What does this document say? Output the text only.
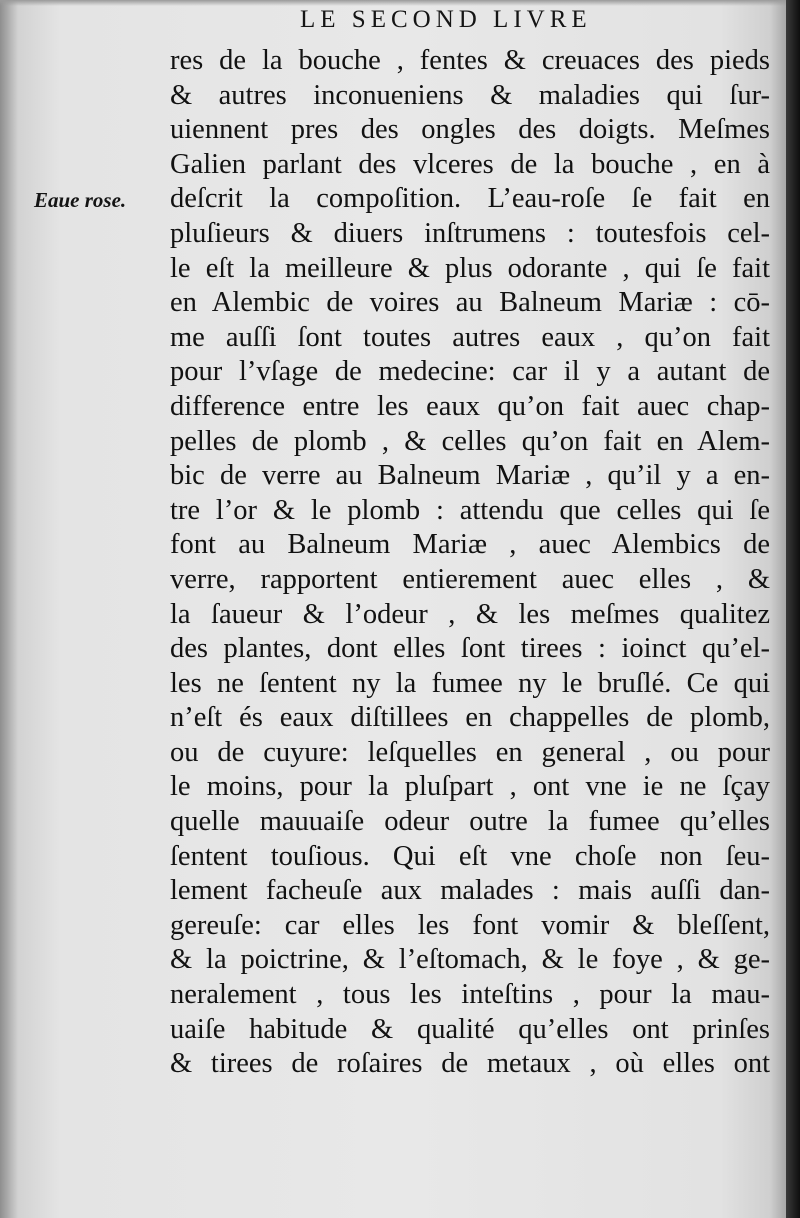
LE SECOND LIVRE
Eaue rose.
res de la bouche , fentes & creuaces des pieds
& autres inconueniens & maladies qui ſur-
uiennent pres des ongles des doigts. Meſmes
Galien parlant des vlceres de la bouche , en à
deſcrit la compoſition. L’eau-roſe ſe fait en
pluſieurs & diuers inſtrumens : toutesfois cel-
le eſt la meilleure & plus odorante , qui ſe fait
en Alembic de voires au Balneum Mariæ : cō-
me auſſi ſont toutes autres eaux , qu’on fait
pour l’vſage de medecine: car il y a autant de
difference entre les eaux qu’on fait auec chap-
pelles de plomb , & celles qu’on fait en Alem-
bic de verre au Balneum Mariæ , qu’il y a en-
tre l’or & le plomb : attendu que celles qui ſe
font au Balneum Mariæ , auec Alembics de
verre, rapportent entierement auec elles , &
la ſaueur & l’odeur , & les meſmes qualitez
des plantes, dont elles ſont tirees : ioinct qu’el-
les ne ſentent ny la fumee ny le bruſlé. Ce qui
n’eſt és eaux diſtillees en chappelles de plomb,
ou de cuyure: leſquelles en general , ou pour
le moins, pour la pluſpart , ont vne ie ne ſçay
quelle mauuaiſe odeur outre la fumee qu’elles
ſentent touſious. Qui eſt vne choſe non ſeu-
lement facheuſe aux malades : mais auſſi dan-
gereuſe: car elles les font vomir & bleſſent,
& la poictrine, & l’eſtomach, & le foye , & ge-
neralement , tous les inteſtins , pour la mau-
uaiſe habitude & qualité qu’elles ont prinſes
& tirees de roſaires de metaux , où elles ont
